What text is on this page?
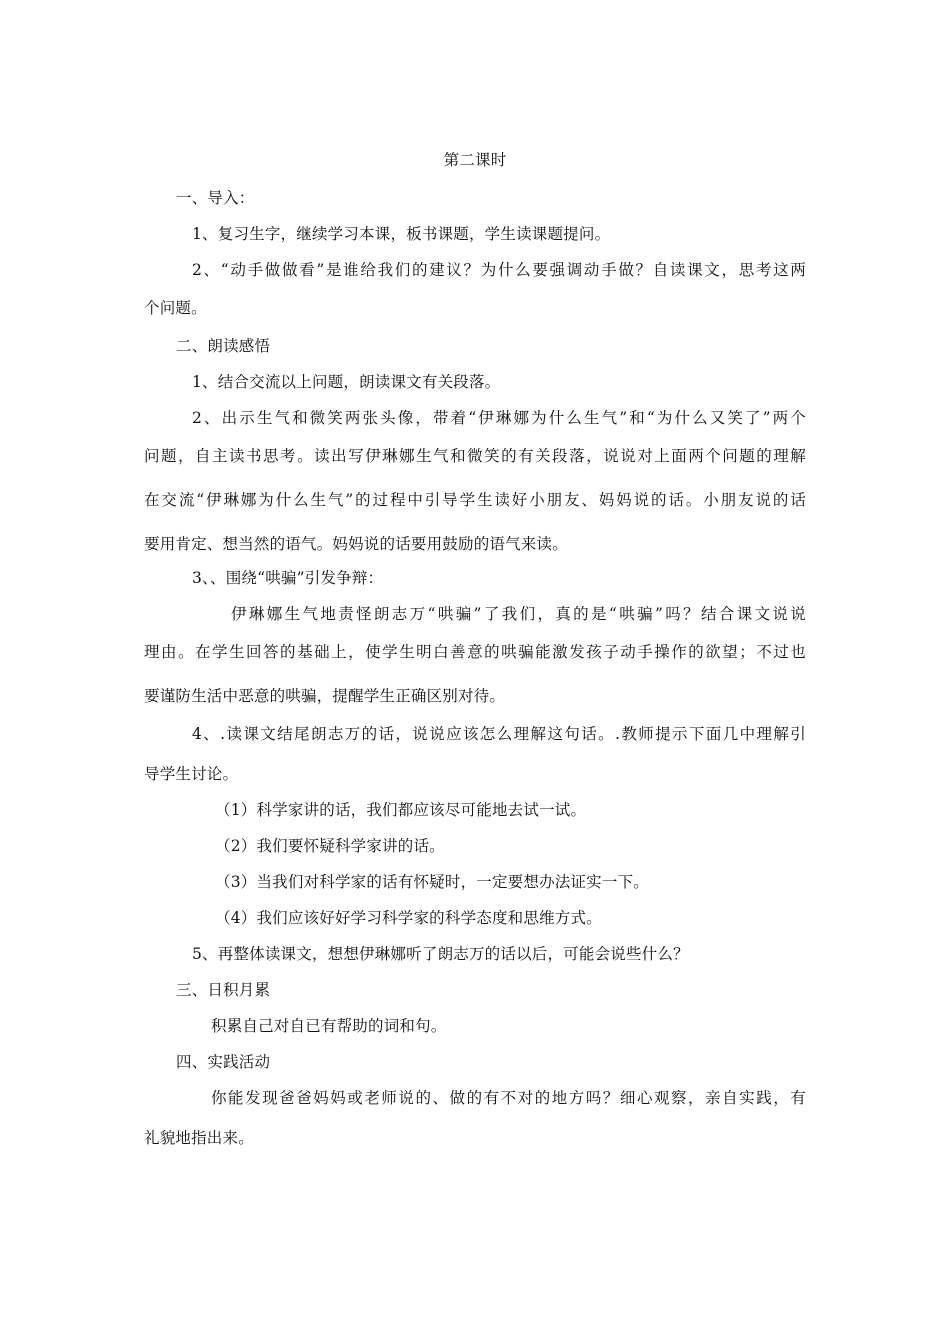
第二课时
一、导入：
1、复习生字，继续学习本课，板书课题，学生读课题提问。
2、“动手做做看”是谁给我们的建议？为什么要强调动手做？自读课文，思考这两
个问题。
二、朗读感悟
1、结合交流以上问题，朗读课文有关段落。
2、出示生气和微笑两张头像，带着“伊琳娜为什么生气”和“为什么又笑了”两个
问题，自主读书思考。读出写伊琳娜生气和微笑的有关段落，说说对上面两个问题的理解
在交流“伊琳娜为什么生气”的过程中引导学生读好小朋友、妈妈说的话。小朋友说的话
要用肯定、想当然的语气。妈妈说的话要用鼓励的语气来读。
3、、围绕“哄骗”引发争辩：
伊琳娜生气地责怪朗志万“哄骗”了我们，真的是“哄骗”吗？结合课文说说
理由。在学生回答的基础上，使学生明白善意的哄骗能激发孩子动手操作的欲望；不过也
要谨防生活中恶意的哄骗，提醒学生正确区别对待。
4、.读课文结尾朗志万的话，说说应该怎么理解这句话。.教师提示下面几中理解引
导学生讨论。
（1）科学家讲的话，我们都应该尽可能地去试一试。
（2）我们要怀疑科学家讲的话。
（3）当我们对科学家的话有怀疑时，一定要想办法证实一下。
（4）我们应该好好学习科学家的科学态度和思维方式。
5、再整体读课文，想想伊琳娜听了朗志万的话以后，可能会说些什么？
三、日积月累
积累自己对自已有帮助的词和句。
四、实践活动
你能发现爸爸妈妈或老师说的、做的有不对的地方吗？细心观察，亲自实践，有
礼貌地指出来。
